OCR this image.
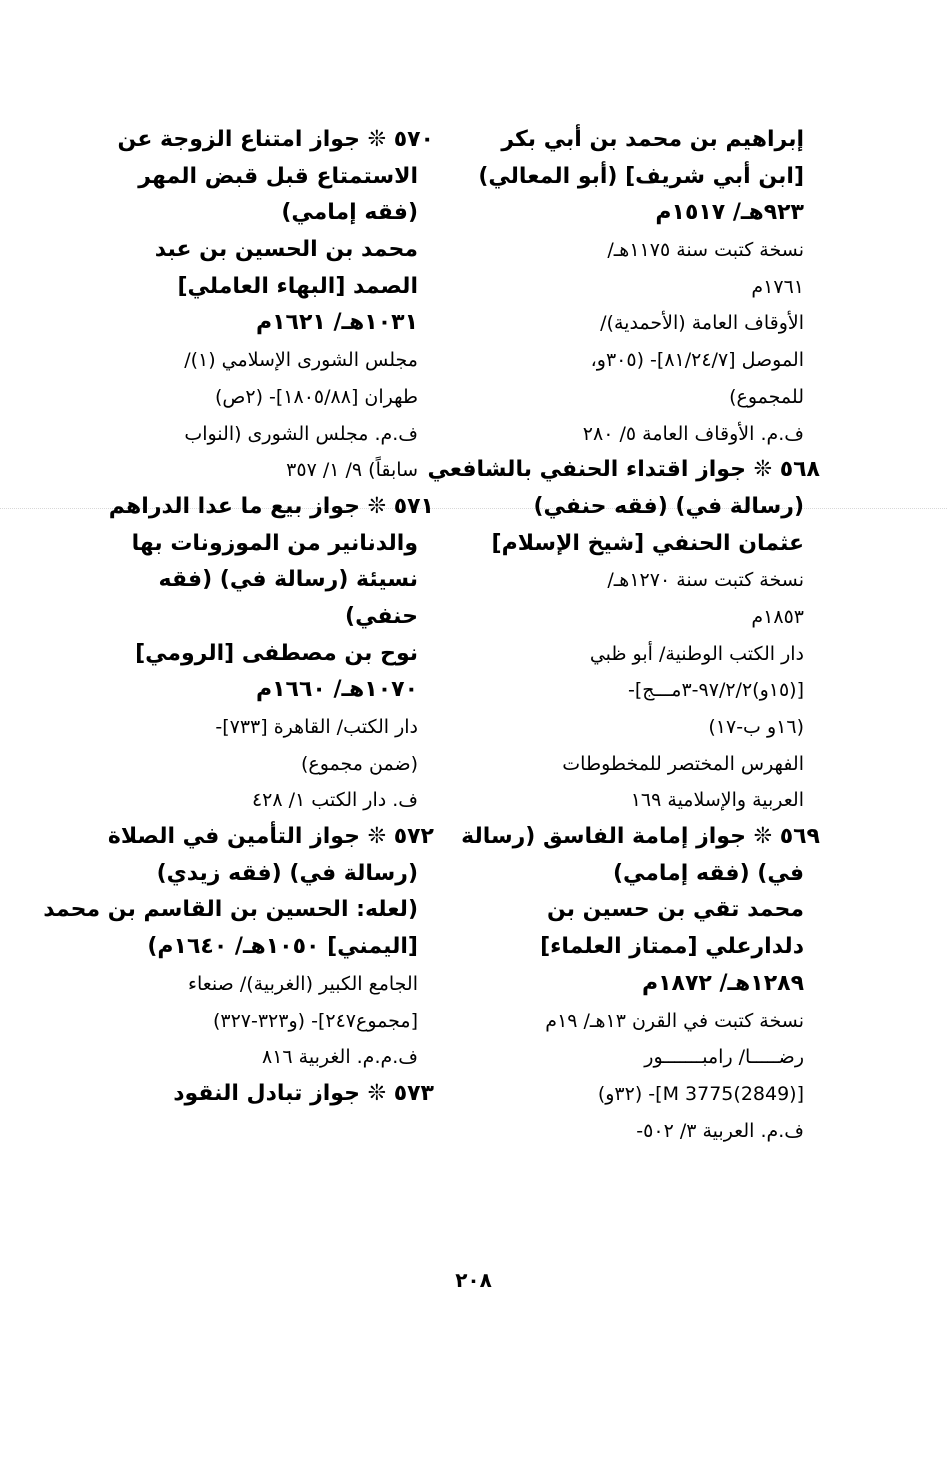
إبراهيم بن محمد بن أبي بكر
[ابن أبي شريف] (أبو المعالي)
٩٢٣هـ/ ١٥١٧م
نسخة كتبت سنة ١١٧٥هـ/
١٧٦١م
الأوقاف العامة (الأحمدية)/
الموصل [٨١/٢٤/٧]- (٣٠٥و،
للمجموع)
ف.م. الأوقاف العامة ٥/ ٢٨٠
٥٦٨ ❊ جواز اقتداء الحنفي بالشافعي
(رسالة في) (فقه حنفي)
عثمان الحنفي [شيخ الإسلام]
نسخة كتبت سنة ١٢٧٠هـ/
١٨٥٣م
دار الكتب الوطنية/ أبو ظبي
[(١٥و)٩٧/٢/٢-٣مـــج]-
(١٦و ب-١٧)
الفهرس المختصر للمخطوطات
العربية والإسلامية ١٦٩
٥٦٩ ❊ جواز إمامة الفاسق (رسالة
في) (فقه إمامي)
محمد تقي بن حسين بن
دلدارعلي [ممتاز العلماء]
١٢٨٩هـ/ ١٨٧٢م
نسخة كتبت في القرن ١٣هـ/ ١٩م
رضـــــا/ رامبـــــــور
[(2849)3775 M]- (٣٢و)
ف.م. العربية ٣/ ٥٠٢-
٥٧٠ ❊ جواز امتناع الزوجة عن
الاستمتاع قبل قبض المهر
(فقه إمامي)
محمد بن الحسين بن عبد
الصمد [البهاء العاملي]
١٠٣١هـ/ ١٦٢١م
مجلس الشورى الإسلامي (١)/
طهران [١٨٠٥/٨٨]- (٢ص)
ف.م. مجلس الشورى (النواب
سابقاً) ٩/ ١/ ٣٥٧
٥٧١ ❊ جواز بيع ما عدا الدراهم
والدنانير من الموزونات بها
نسيئة (رسالة في) (فقه
حنفي)
نوح بن مصطفى [الرومي]
١٠٧٠هـ/ ١٦٦٠م
دار الكتب/ القاهرة [٧٣٣]-
(ضمن مجموع)
ف. دار الكتب ١/ ٤٢٨
٥٧٢ ❊ جواز التأمين في الصلاة
(رسالة في) (فقه زيدي)
(لعله: الحسين بن القاسم بن محمد
[اليمني] ١٠٥٠هـ/ ١٦٤٠م)
الجامع الكبير (الغربية)/ صنعاء
[مجموع٢٤٧]- (و٣٢٣-٣٢٧)
ف.م.م. الغربية ٨١٦
٥٧٣ ❊ جواز تبادل النقود
٢٠٨
